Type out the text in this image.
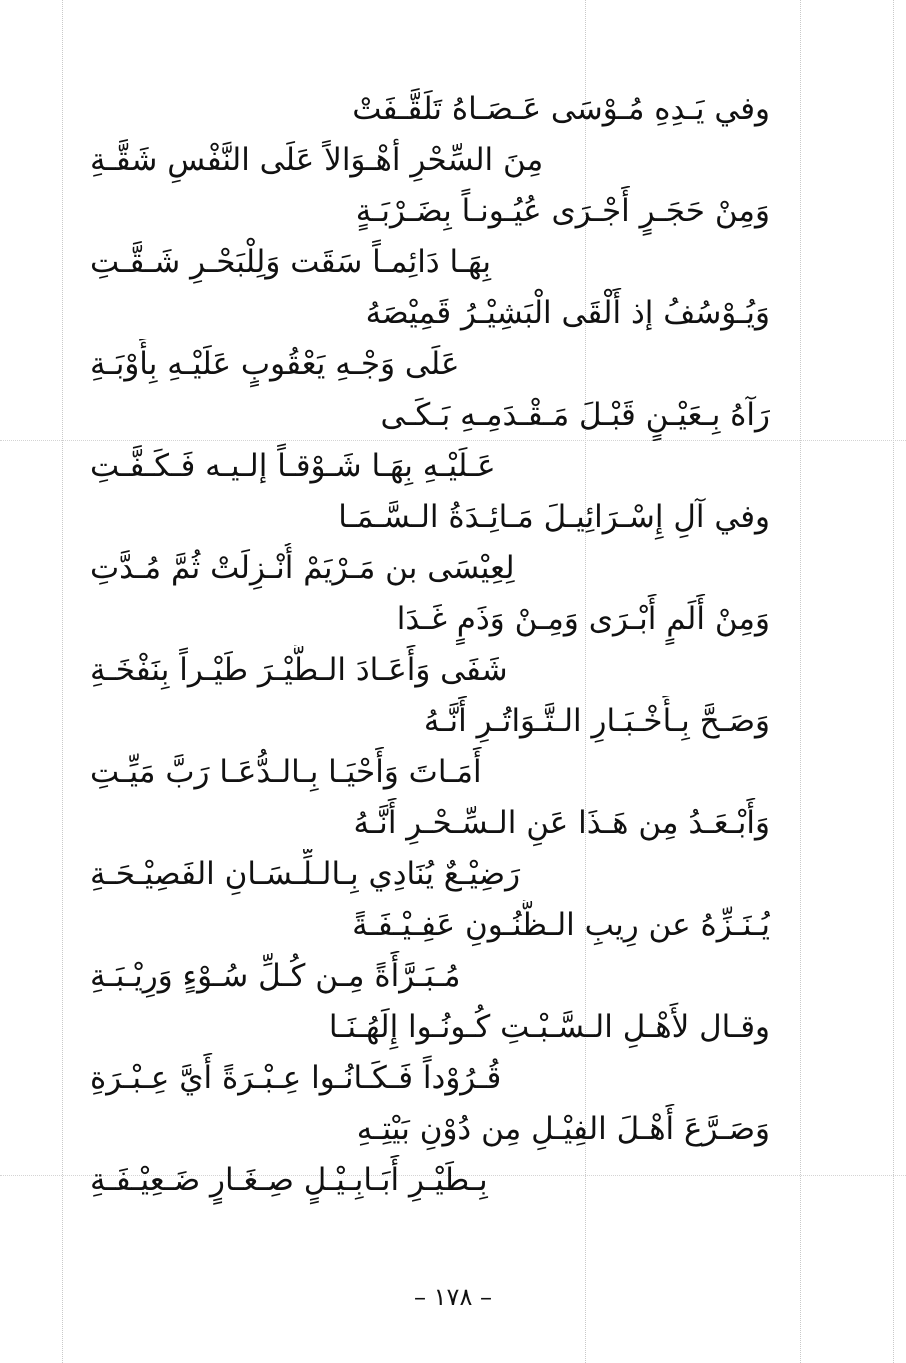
وفي يَـدِهِ مُـوْسَى عَـصَـاهُ تَلَقَّـفَتْ
مِنَ السِّحْرِ أهْـوَالاً عَلَى النَّفْسِ شَقَّـةِ
وَمِنْ حَجَـرٍ أَجْـرَى عُيُـونـاً بِضَـرْبَـةٍ
بِهَـا دَائِمـاً سَقَت وَلِلْبَحْـرِ شَـقَّـتِ
وَيُـوْسُفُ إذ أَلْقَى الْبَشِيْـرُ قَمِيْصَهُ
عَلَى وَجْـهِ يَعْقُوبٍ عَلَيْـهِ بِأَوْبَـةِ
رَآهُ بِـعَيْـنٍ قَبْـلَ مَـقْـدَمِـهِ بَـكَـى
عَـلَيْـهِ بِهَـا شَـوْقـاً إلـيـه فَـكَـفَّـتِ
وفي آلِ إِسْـرَائِيـلَ مَـائِـدَةُ الـسَّـمَـا
لِعِيْسَى بن مَـرْيَمْ أُنْـزِلَتْ ثُمَّ مُـدَّتِ
وَمِنْ أَلَمٍ أَبْـرَى وَمِـنْ وَذَمٍ غَـدَا
شَفَى وَأَعَـادَ الـطَّيْـرَ طَيْـراً بِنَفْخَـةِ
وَصَـحَّ بِـأَخْـبَـارِ الـتَّـوَاتُـرِ أَنَّـهُ
أَمَـاتَ وَأَحْيَـا بِـالـدُّعَـا رَبَّ مَيِّـتِ
وَأَبْـعَـدُ مِن هَـذَا عَنِ الـسِّـحْـرِ أَنَّـهُ
رَضِيْـعٌ يُنَادِي بِـالـلِّـسَـانِ الفَصِيْـحَـةِ
يُـنَـزِّهُ عن رِيبِ الـظُّنُـونِ عَفِـيْـفَـةً
مُـبَـرَّأَةً مِـن كُـلِّ سُـوْءٍ وَرِيْـبَـةِ
وقـال لأَهْـلِ الـسَّـبْـتِ كُـونُـوا إِلَهُـنَـا
قُـرُوْداً فَـكَـانُـوا عِـبْـرَةً أَيَّ عِـبْـرَةِ
وَصَـرَّعَ أَهْـلَ الفِيْـلِ مِن دُوْنِ بَيْتِـهِ
بِـطَيْـرِ أَبَـابِـيْـلٍ صِـغَـارٍ ضَـعِيْـفَـةِ
– ١٧٨ –
